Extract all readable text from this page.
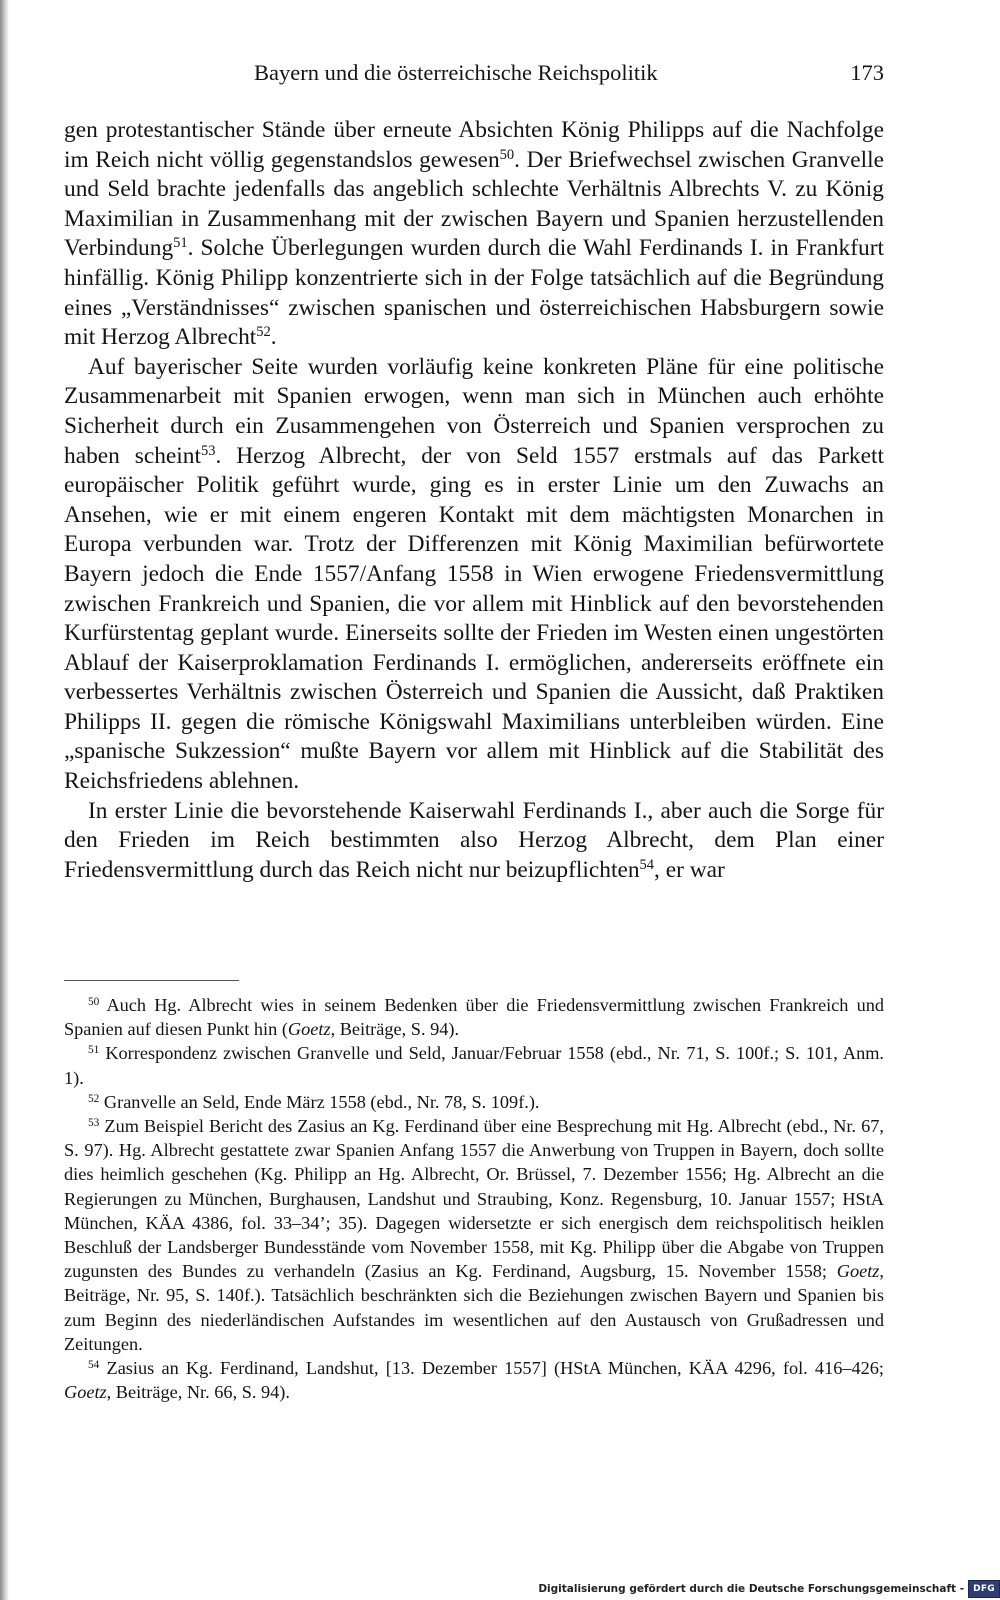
Bayern und die österreichische Reichspolitik	173

gen protestantischer Stände über erneute Absichten König Philipps auf die Nachfolge im Reich nicht völlig gegenstandslos gewesen$^{50}$. Der Briefwechsel zwischen Granvelle und Seld brachte jedenfalls das angeblich schlechte Verhältnis Albrechts V. zu König Maximilian in Zusammenhang mit der zwischen Bayern und Spanien herzustellenden Verbindung$^{51}$. Solche Überlegungen wurden durch die Wahl Ferdinands I. in Frankfurt hinfällig. König Philipp konzentrierte sich in der Folge tatsächlich auf die Begründung eines „Verständnisses“ zwischen spanischen und österreichischen Habsburgern sowie mit Herzog Albrecht$^{52}$.

Auf bayerischer Seite wurden vorläufig keine konkreten Pläne für eine politische Zusammenarbeit mit Spanien erwogen, wenn man sich in München auch erhöhte Sicherheit durch ein Zusammengehen von Österreich und Spanien versprochen zu haben scheint$^{53}$. Herzog Albrecht, der von Seld 1557 erstmals auf das Parkett europäischer Politik geführt wurde, ging es in erster Linie um den Zuwachs an Ansehen, wie er mit einem engeren Kontakt mit dem mächtigsten Monarchen in Europa verbunden war. Trotz der Differenzen mit König Maximilian befürwortete Bayern jedoch die Ende 1557/Anfang 1558 in Wien erwogene Friedensvermittlung zwischen Frankreich und Spanien, die vor allem mit Hinblick auf den bevorstehenden Kurfürstentag geplant wurde. Einerseits sollte der Frieden im Westen einen ungestörten Ablauf der Kaiserproklamation Ferdinands I. ermöglichen, andererseits eröffnete ein verbessertes Verhältnis zwischen Österreich und Spanien die Aussicht, daß Praktiken Philipps II. gegen die römische Königswahl Maximilians unterbleiben würden. Eine „spanische Sukzession“ mußte Bayern vor allem mit Hinblick auf die Stabilität des Reichsfriedens ablehnen.

In erster Linie die bevorstehende Kaiserwahl Ferdinands I., aber auch die Sorge für den Frieden im Reich bestimmten also Herzog Albrecht, dem Plan einer Friedensvermittlung durch das Reich nicht nur beizupflichten$^{54}$, er war

$^{50}$ Auch Hg. Albrecht wies in seinem Bedenken über die Friedensvermittlung zwischen Frankreich und Spanien auf diesen Punkt hin (Goetz, Beiträge, S. 94).

$^{51}$ Korrespondenz zwischen Granvelle und Seld, Januar/Februar 1558 (ebd., Nr. 71, S. 100f.; S. 101, Anm. 1).

$^{52}$ Granvelle an Seld, Ende März 1558 (ebd., Nr. 78, S. 109f.).

$^{53}$ Zum Beispiel Bericht des Zasius an Kg. Ferdinand über eine Besprechung mit Hg. Albrecht (ebd., Nr. 67, S. 97). Hg. Albrecht gestattete zwar Spanien Anfang 1557 die Anwerbung von Truppen in Bayern, doch sollte dies heimlich geschehen (Kg. Philipp an Hg. Albrecht, Or. Brüssel, 7. Dezember 1556; Hg. Albrecht an die Regierungen zu München, Burghausen, Landshut und Straubing, Konz. Regensburg, 10. Januar 1557; HStA München, KÄA 4386, fol. 33–34’; 35). Dagegen widersetzte er sich energisch dem reichspolitisch heiklen Beschluß der Landsberger Bundesstände vom November 1558, mit Kg. Philipp über die Abgabe von Truppen zugunsten des Bundes zu verhandeln (Zasius an Kg. Ferdinand, Augsburg, 15. November 1558; Goetz, Beiträge, Nr. 95, S. 140f.). Tatsächlich beschränkten sich die Beziehungen zwischen Bayern und Spanien bis zum Beginn des niederländischen Aufstandes im wesentlichen auf den Austausch von Grußadressen und Zeitungen.

$^{54}$ Zasius an Kg. Ferdinand, Landshut, [13. Dezember 1557] (HStA München, KÄA 4296, fol. 416–426; Goetz, Beiträge, Nr. 66, S. 94).

Digitalisierung gefördert durch die Deutsche Forschungsgemeinschaft -	DFG
